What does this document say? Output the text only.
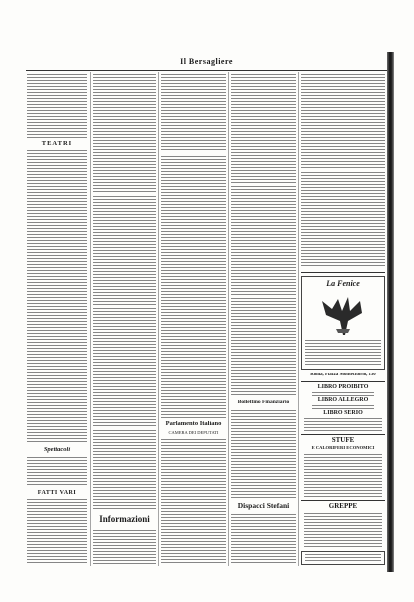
Il Bersagliere
TEATRI
Spettacoli
FATTI VARI
Informazioni
Parlamento Italiano
CAMERA DEI DEPUTATI
Bollettino Finanziario
Dispacci Stefani
La Fenice
Roma, Piazza Montecitorio, 130
LIBRO PROIBITO
LIBRO ALLEGRO
LIBRO SERIO
STUFE
E CALORIFERI ECONOMICI
GREPPE
